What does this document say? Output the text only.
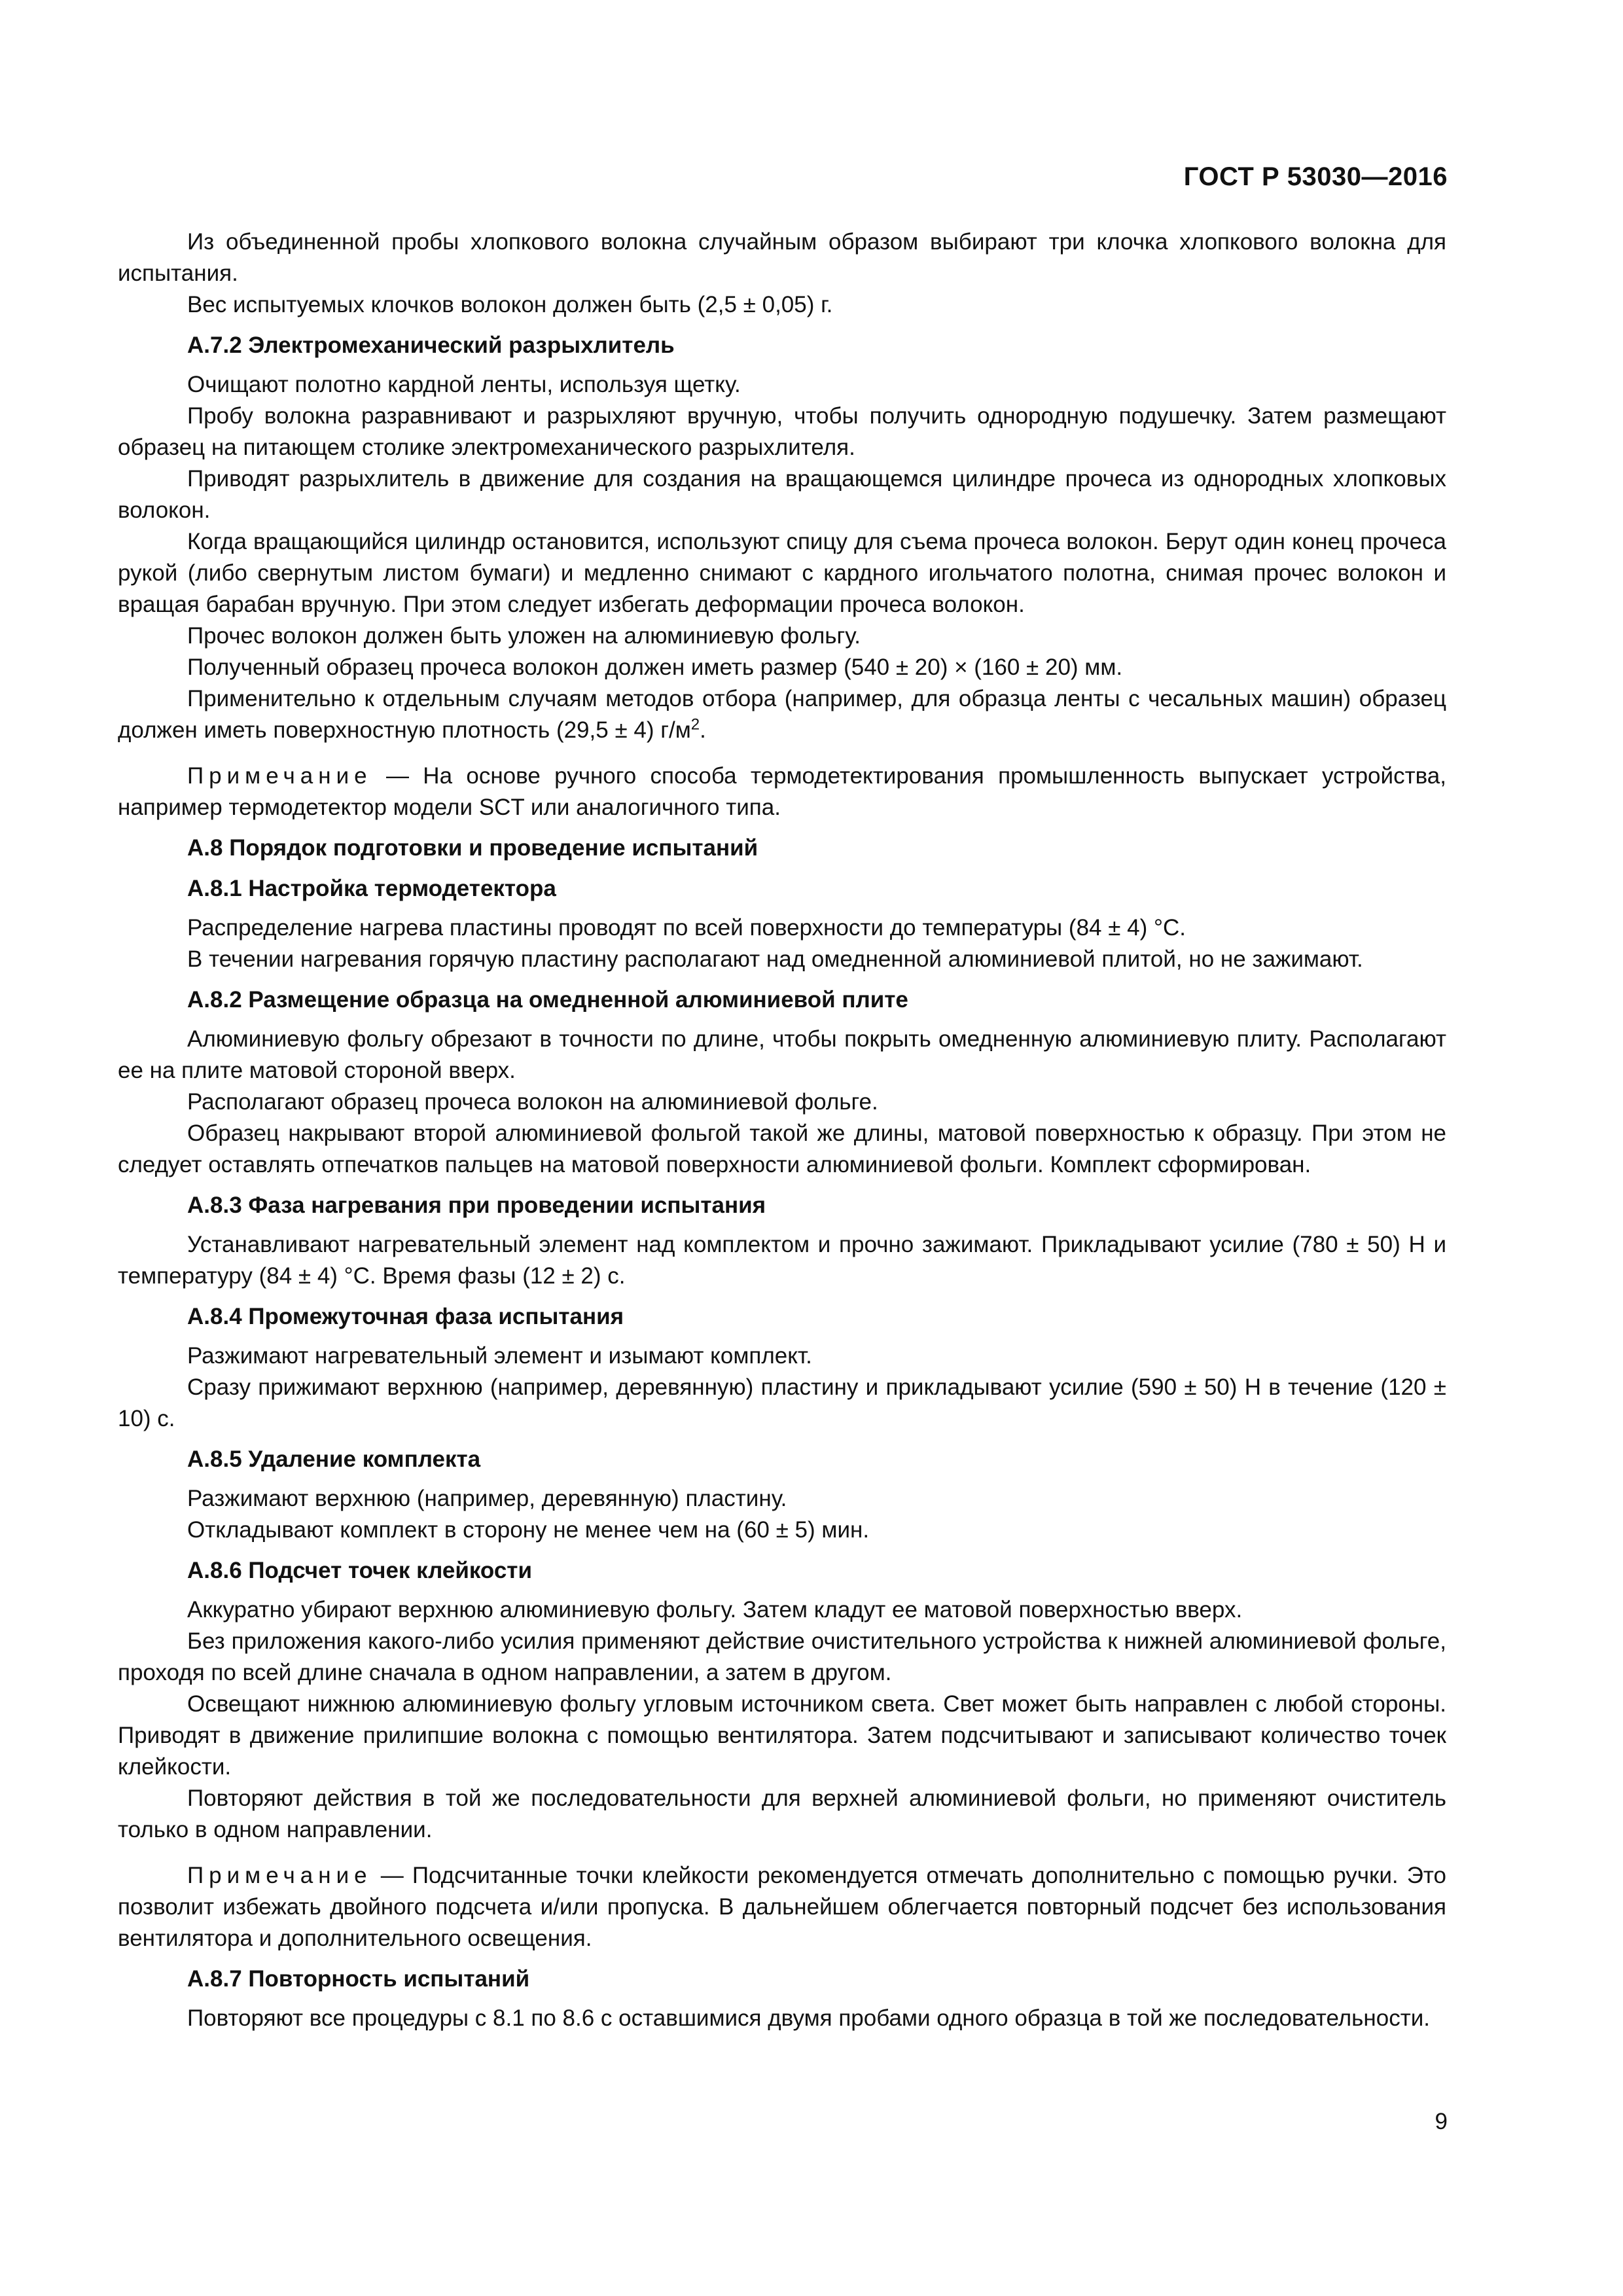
ГОСТ Р 53030—2016

Из объединенной пробы хлопкового волокна случайным образом выбирают три клочка хлопкового волокна для испытания.

Вес испытуемых клочков волокон должен быть (2,5 ± 0,05) г.

А.7.2 Электромеханический разрыхлитель

Очищают полотно кардной ленты, используя щетку.

Пробу волокна разравнивают и разрыхляют вручную, чтобы получить однородную подушечку. Затем размещают образец на питающем столике электромеханического разрыхлителя.

Приводят разрыхлитель в движение для создания на вращающемся цилиндре прочеса из однородных хлопковых волокон.

Когда вращающийся цилиндр остановится, используют спицу для съема прочеса волокон. Берут один конец прочеса рукой (либо свернутым листом бумаги) и медленно снимают с кардного игольчатого полотна, снимая прочес волокон и вращая барабан вручную. При этом следует избегать деформации прочеса волокон.

Прочес волокон должен быть уложен на алюминиевую фольгу.

Полученный образец прочеса волокон должен иметь размер (540 ± 20) × (160 ± 20) мм.

Применительно к отдельным случаям методов отбора (например, для образца ленты с чесальных машин) образец должен иметь поверхностную плотность (29,5 ± 4) $г/м^2$.

Примечание — На основе ручного способа термодетектирования промышленность выпускает устройства, например термодетектор модели SCT или аналогичного типа.

А.8 Порядок подготовки и проведение испытаний
А.8.1 Настройка термодетектора

Распределение нагрева пластины проводят по всей поверхности до температуры (84 ± 4) °С.

В течении нагревания горячую пластину располагают над омедненной алюминиевой плитой, но не зажимают.

А.8.2 Размещение образца на омедненной алюминиевой плите

Алюминиевую фольгу обрезают в точности по длине, чтобы покрыть омедненную алюминиевую плиту. Располагают ее на плите матовой стороной вверх.

Располагают образец прочеса волокон на алюминиевой фольге.

Образец накрывают второй алюминиевой фольгой такой же длины, матовой поверхностью к образцу. При этом не следует оставлять отпечатков пальцев на матовой поверхности алюминиевой фольги. Комплект сформирован.

А.8.3 Фаза нагревания при проведении испытания

Устанавливают нагревательный элемент над комплектом и прочно зажимают. Прикладывают усилие (780 ± 50) Н и температуру (84 ± 4) °С. Время фазы (12 ± 2) с.

А.8.4 Промежуточная фаза испытания

Разжимают нагревательный элемент и изымают комплект.

Сразу прижимают верхнюю (например, деревянную) пластину и прикладывают усилие (590 ± 50) Н в течение (120 ± 10) с.

А.8.5 Удаление комплекта

Разжимают верхнюю (например, деревянную) пластину.

Откладывают комплект в сторону не менее чем на (60 ± 5) мин.

А.8.6 Подсчет точек клейкости

Аккуратно убирают верхнюю алюминиевую фольгу. Затем кладут ее матовой поверхностью вверх.

Без приложения какого-либо усилия применяют действие очистительного устройства к нижней алюминиевой фольге, проходя по всей длине сначала в одном направлении, а затем в другом.

Освещают нижнюю алюминиевую фольгу угловым источником света. Свет может быть направлен с любой стороны. Приводят в движение прилипшие волокна с помощью вентилятора. Затем подсчитывают и записывают количество точек клейкости.

Повторяют действия в той же последовательности для верхней алюминиевой фольги, но применяют очиститель только в одном направлении.

Примечание — Подсчитанные точки клейкости рекомендуется отмечать дополнительно с помощью ручки. Это позволит избежать двойного подсчета и/или пропуска. В дальнейшем облегчается повторный подсчет без использования вентилятора и дополнительного освещения.

А.8.7 Повторность испытаний

Повторяют все процедуры с 8.1 по 8.6 с оставшимися двумя пробами одного образца в той же последовательности.

9
